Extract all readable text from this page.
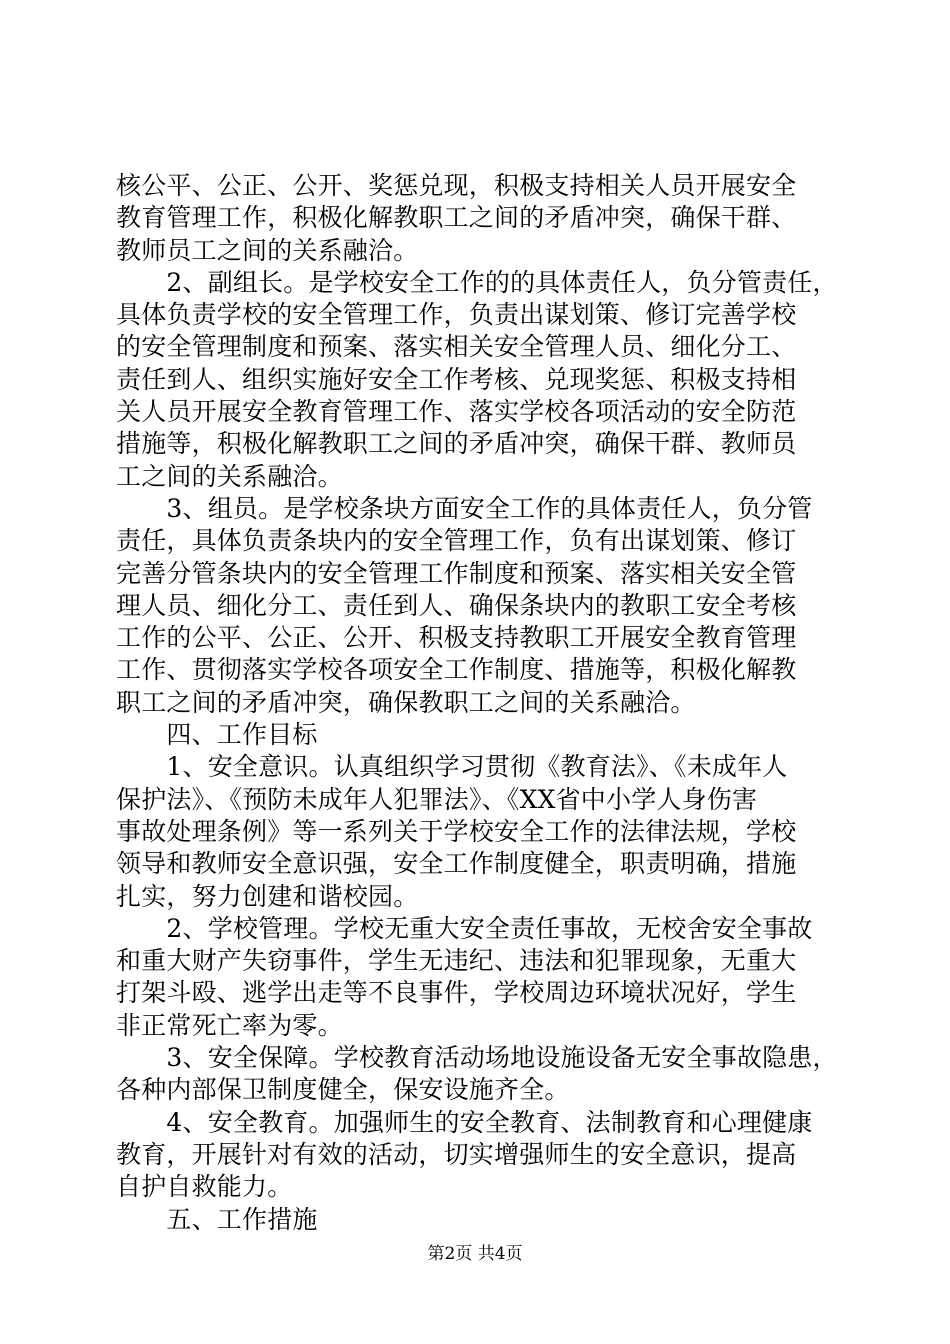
核公平、公正、公开、奖惩兑现，积极支持相关人员开展安全
教育管理工作，积极化解教职工之间的矛盾冲突，确保干群、
教师员工之间的关系融洽。
　　2、副组长。是学校安全工作的的具体责任人，负分管责任，
具体负责学校的安全管理工作，负责出谋划策、修订完善学校
的安全管理制度和预案、落实相关安全管理人员、细化分工、
责任到人、组织实施好安全工作考核、兑现奖惩、积极支持相
关人员开展安全教育管理工作、落实学校各项活动的安全防范
措施等，积极化解教职工之间的矛盾冲突，确保干群、教师员
工之间的关系融洽。
　　3、组员。是学校条块方面安全工作的具体责任人，负分管
责任，具体负责条块内的安全管理工作，负有出谋划策、修订
完善分管条块内的安全管理工作制度和预案、落实相关安全管
理人员、细化分工、责任到人、确保条块内的教职工安全考核
工作的公平、公正、公开、积极支持教职工开展安全教育管理
工作、贯彻落实学校各项安全工作制度、措施等，积极化解教
职工之间的矛盾冲突，确保教职工之间的关系融洽。
　　四、工作目标
　　1、安全意识。认真组织学习贯彻《教育法》、《未成年人
保护法》、《预防未成年人犯罪法》、《XX省中小学人身伤害
事故处理条例》等一系列关于学校安全工作的法律法规，学校
领导和教师安全意识强，安全工作制度健全，职责明确，措施
扎实，努力创建和谐校园。
　　2、学校管理。学校无重大安全责任事故，无校舍安全事故
和重大财产失窃事件，学生无违纪、违法和犯罪现象，无重大
打架斗殴、逃学出走等不良事件，学校周边环境状况好，学生
非正常死亡率为零。
　　3、安全保障。学校教育活动场地设施设备无安全事故隐患，
各种内部保卫制度健全，保安设施齐全。
　　4、安全教育。加强师生的安全教育、法制教育和心理健康
教育，开展针对有效的活动，切实增强师生的安全意识，提高
自护自救能力。
　　五、工作措施
第2页 共4页
